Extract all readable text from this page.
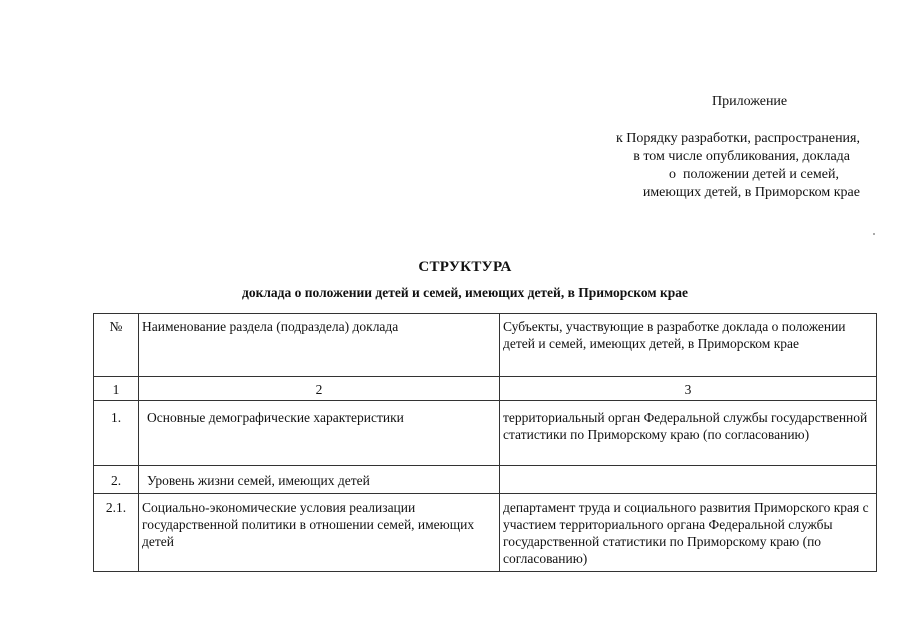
Приложение
к Порядку разработки, распространения,
в том числе опубликования, доклада
о  положении детей и семей,
имеющих детей, в Приморском крае
СТРУКТУРА
доклада о положении детей и семей, имеющих детей, в Приморском крае
№	Наименование раздела (подраздела) доклада	Субъекты, участвующие в разработке доклада о положении детей и семей, имеющих детей, в Приморском крае
1	2	3
1.	Основные демографические характеристики	территориальный орган Федеральной службы государственной статистики по Приморскому краю (по согласованию)
2.	Уровень жизни семей, имеющих детей	
2.1.	Социально-экономические условия реализации государственной политики в отношении семей, имеющих детей	департамент труда и социального развития Приморского края с участием территориального органа Федеральной службы государственной статистики по Приморскому краю (по согласованию)
